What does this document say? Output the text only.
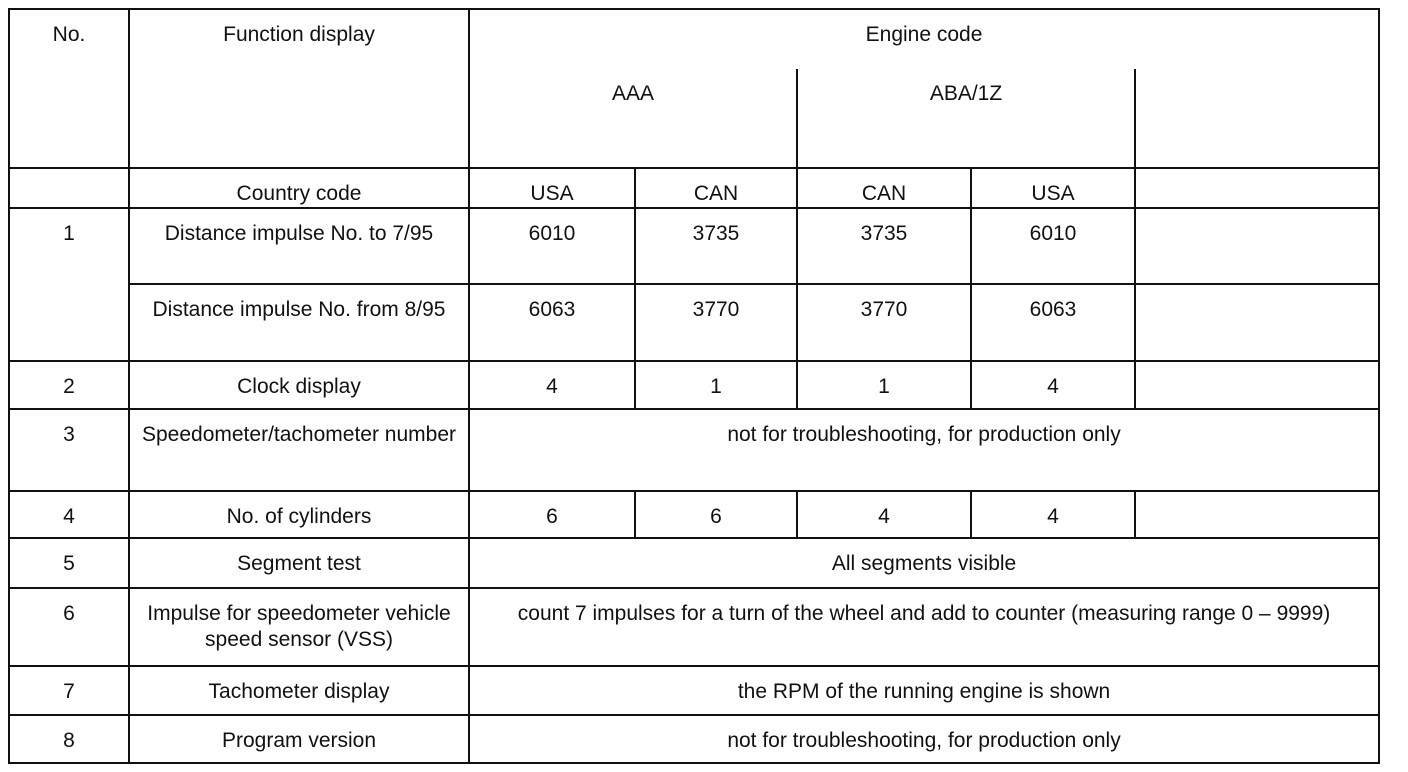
No.	Function display	Engine code				
		AAA		ABA/1Z		
	Country code	USA	CAN	CAN	USA	
1	Distance impulse No. to 7/95	6010	3735	3735	6010	
	Distance impulse No. from 8/95	6063	3770	3770	6063	
2	Clock display	4	1	1	4	
3	Speedometer/tachometer number	not for troubleshooting, for production only				
4	No. of cylinders	6	6	4	4	
5	Segment test	All segments visible				
6	Impulse for speedometer vehicle speed sensor (VSS)	count 7 impulses for a turn of the wheel and add to counter (measuring range 0 – 9999)				
7	Tachometer display	the RPM of the running engine is shown				
8	Program version	not for troubleshooting, for production only				
